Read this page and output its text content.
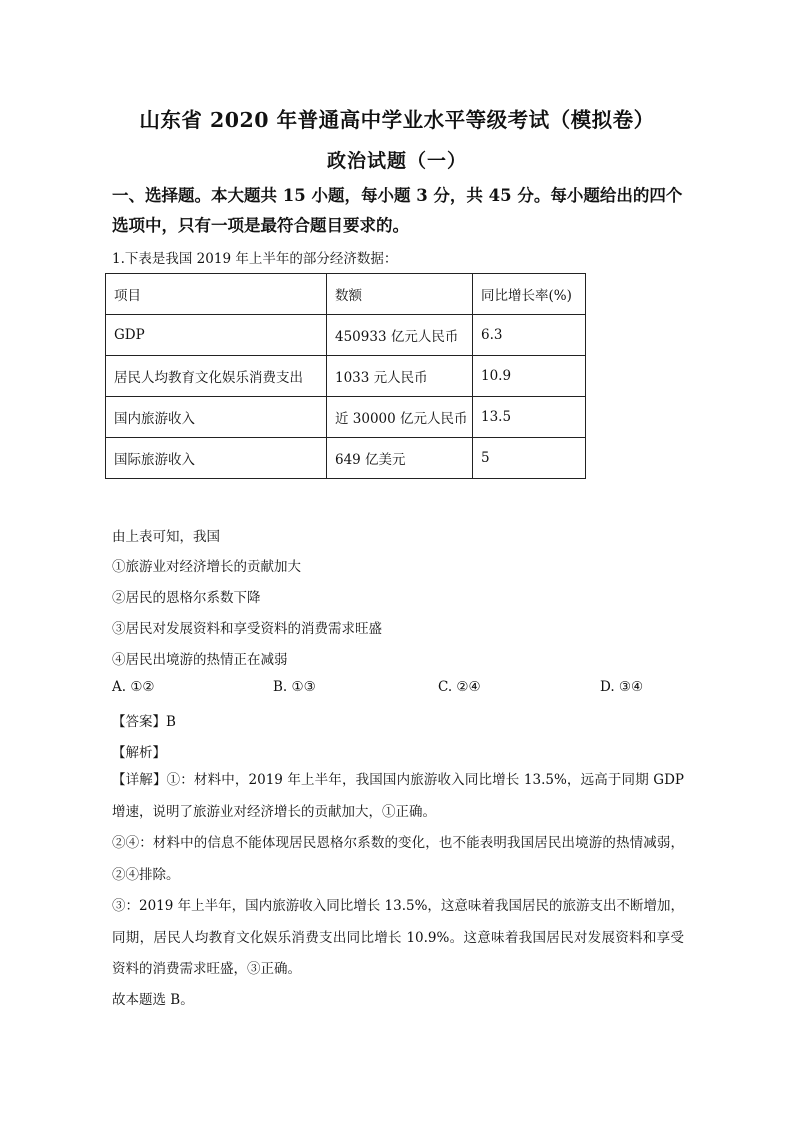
山东省 2020 年普通高中学业水平等级考试（模拟卷）
政治试题（一）
一、选择题。本大题共 15 小题，每小题 3 分，共 45 分。每小题给出的四个选项中，只有一项是最符合题目要求的。
1.下表是我国 2019 年上半年的部分经济数据：
项目	数额	同比增长率(%)
GDP	450933 亿元人民币	6.3
居民人均教育文化娱乐消费支出	1033 元人民币	10.9
国内旅游收入	近 30000 亿元人民币	13.5
国际旅游收入	649 亿美元	5
由上表可知，我国
①旅游业对经济增长的贡献加大
②居民的恩格尔系数下降
③居民对发展资料和享受资料的消费需求旺盛
④居民出境游的热情正在减弱
A. ①②	B. ①③	C. ②④	D. ③④
【答案】B
【解析】
【详解】①：材料中，2019 年上半年，我国国内旅游收入同比增长 13.5%，远高于同期 GDP 增速，说明了旅游业对经济增长的贡献加大，①正确。
②④：材料中的信息不能体现居民恩格尔系数的变化，也不能表明我国居民出境游的热情减弱，②④排除。
③：2019 年上半年，国内旅游收入同比增长 13.5%，这意味着我国居民的旅游支出不断增加，同期，居民人均教育文化娱乐消费支出同比增长 10.9%。这意味着我国居民对发展资料和享受资料的消费需求旺盛，③正确。
故本题选 B。
